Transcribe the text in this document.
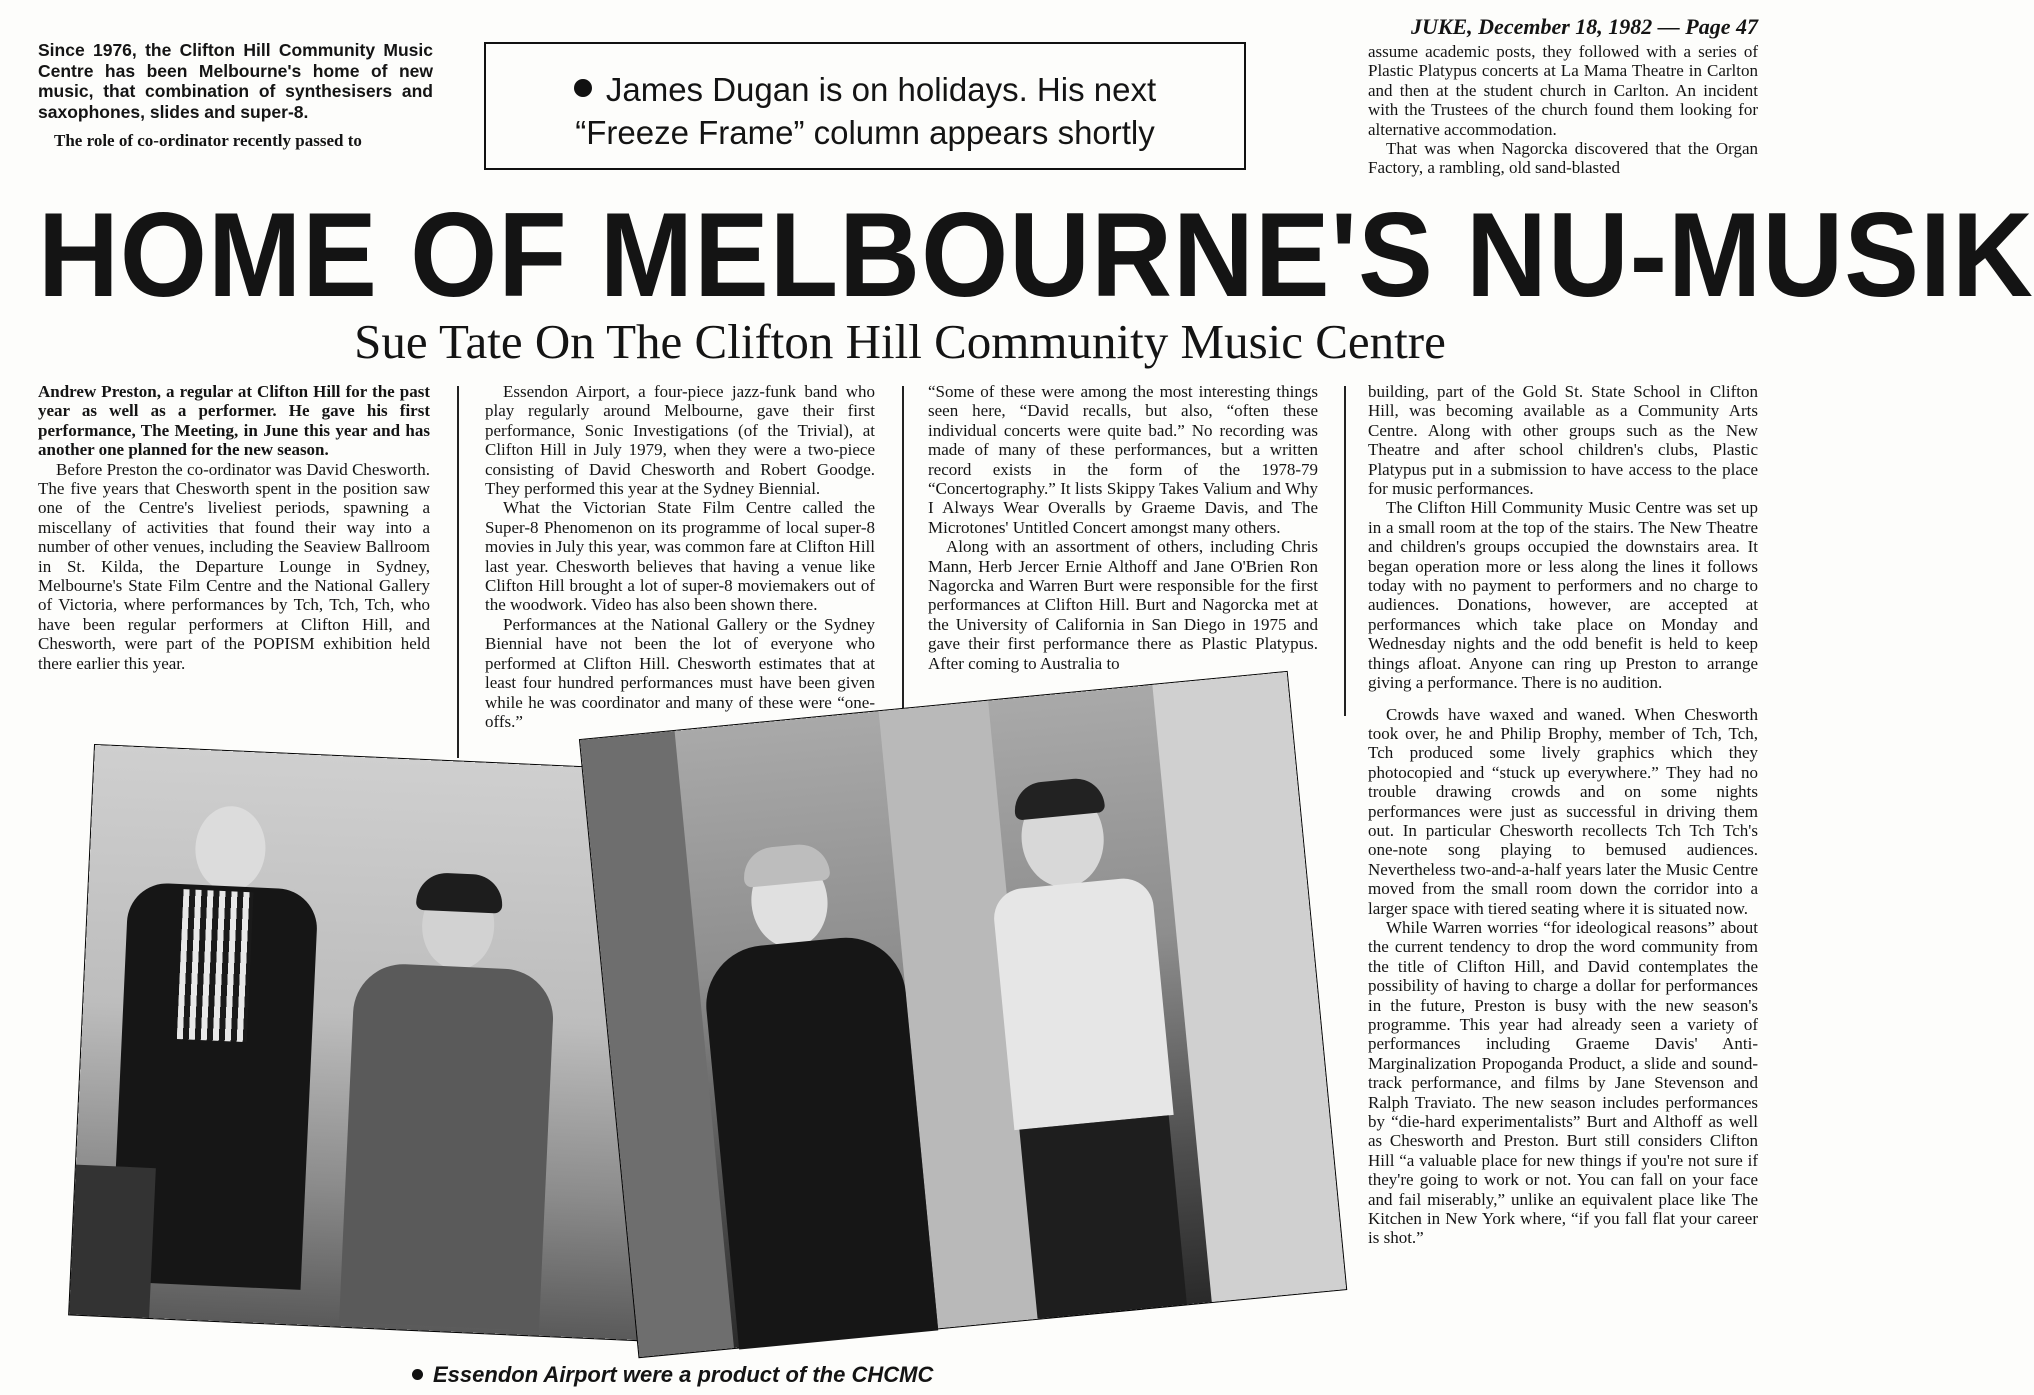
JUKE, December 18, 1982 — Page 47
Since 1976, the Clifton Hill Community Music Centre has been Melbourne's home of new music, that combination of synthesisers and saxophones, slides and super-8.
The role of co-ordinator recently passed to
James Dugan is on holidays. His next
“Freeze Frame” column appears shortly

assume academic posts, they followed with a series of Plastic Platypus concerts at La Mama Theatre in Carlton and then at the student church in Carlton. An incident with the Trustees of the church found them looking for alternative accommodation.

That was when Nagorcka discovered that the Organ Factory, a rambling, old sand-blasted

HOME OF MELBOURNE'S NU-MUSIK
Sue Tate On The Clifton Hill Community Music Centre

Andrew Preston, a regular at Clifton Hill for the past year as well as a performer. He gave his first performance, The Meeting, in June this year and has another one planned for the new season.

Before Preston the co-ordinator was David Chesworth. The five years that Chesworth spent in the position saw one of the Centre's liveliest periods, spawning a miscellany of activities that found their way into a number of other venues, including the Seaview Ballroom in St. Kilda, the Departure Lounge in Sydney, Melbourne's State Film Centre and the National Gallery of Victoria, where performances by Tch, Tch, Tch, who have been regular performers at Clifton Hill, and Chesworth, were part of the POPISM exhibition held there earlier this year.

Essendon Airport, a four-piece jazz-funk band who play regularly around Melbourne, gave their first performance, Sonic Investigations (of the Trivial), at Clifton Hill in July 1979, when they were a two-piece consisting of David Chesworth and Robert Goodge. They performed this year at the Sydney Biennial.

What the Victorian State Film Centre called the Super-8 Phenomenon on its programme of local super-8 movies in July this year, was common fare at Clifton Hill last year. Chesworth believes that having a venue like Clifton Hill brought a lot of super-8 moviemakers out of the woodwork. Video has also been shown there.

Performances at the National Gallery or the Sydney Biennial have not been the lot of everyone who performed at Clifton Hill. Chesworth estimates that at least four hundred performances must have been given while he was coordinator and many of these were “one-offs.”

“Some of these were among the most interesting things seen here, “David recalls, but also, “often these individual concerts were quite bad.” No recording was made of many of these performances, but a written record exists in the form of the 1978-79 “Concertography.” It lists Skippy Takes Valium and Why I Always Wear Overalls by Graeme Davis, and The Microtones' Untitled Concert amongst many others.

Along with an assortment of others, including Chris Mann, Herb Jercer Ernie Althoff and Jane O'Brien Ron Nagorcka and Warren Burt were responsible for the first performances at Clifton Hill. Burt and Nagorcka met at the University of California in San Diego in 1975 and gave their first performance there as Plastic Platypus. After coming to Australia to

building, part of the Gold St. State School in Clifton Hill, was becoming available as a Community Arts Centre. Along with other groups such as the New Theatre and after school children's clubs, Plastic Platypus put in a submission to have access to the place for music performances.

The Clifton Hill Community Music Centre was set up in a small room at the top of the stairs. The New Theatre and children's groups occupied the downstairs area. It began operation more or less along the lines it follows today with no payment to performers and no charge to audiences. Donations, however, are accepted at performances which take place on Monday and Wednesday nights and the odd benefit is held to keep things afloat. Anyone can ring up Preston to arrange giving a performance. There is no audition.

Crowds have waxed and waned. When Chesworth took over, he and Philip Brophy, member of Tch, Tch, Tch produced some lively graphics which they photocopied and “stuck up everywhere.” They had no trouble drawing crowds and on some nights performances were just as successful in driving them out. In particular Chesworth recollects Tch Tch Tch's one-note song playing to bemused audiences. Nevertheless two-and-a-half years later the Music Centre moved from the small room down the corridor into a larger space with tiered seating where it is situated now.

While Warren worries “for ideological reasons” about the current tendency to drop the word community from the title of Clifton Hill, and David contemplates the possibility of having to charge a dollar for performances in the future, Preston is busy with the new season's programme. This year had already seen a variety of performances including Graeme Davis' Anti-Marginalization Propoganda Product, a slide and sound-track performance, and films by Jane Stevenson and Ralph Traviato. The new season includes performances by “die-hard experimentalists” Burt and Althoff as well as Chesworth and Preston. Burt still considers Clifton Hill “a valuable place for new things if you're not sure if they're going to work or not. You can fall on your face and fail miserably,” unlike an equivalent place like The Kitchen in New York where, “if you fall flat your career is shot.”

Essendon Airport were a product of the CHCMC
